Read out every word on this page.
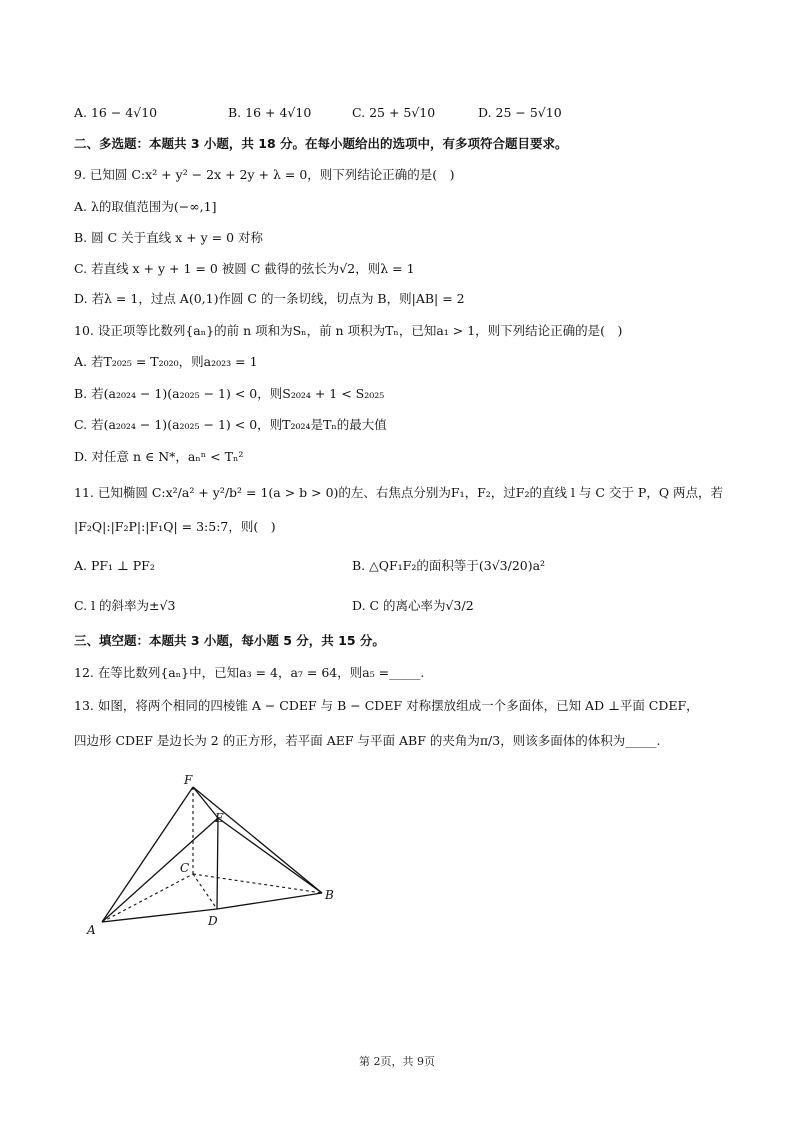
A. 16 − 4√10	B. 16 + 4√10	C. 25 + 5√10	D. 25 − 5√10
二、多选题：本题共 3 小题，共 18 分。在每小题给出的选项中，有多项符合题目要求。
9. 已知圆 C:x² + y² − 2x + 2y + λ = 0，则下列结论正确的是(　)
A. λ的取值范围为(−∞,1]
B. 圆 C 关于直线 x + y = 0 对称
C. 若直线 x + y + 1 = 0 被圆 C 截得的弦长为√2，则λ = 1
D. 若λ = 1，过点 A(0,1)作圆 C 的一条切线，切点为 B，则|AB| = 2
10. 设正项等比数列{aₙ}的前 n 项和为Sₙ，前 n 项积为Tₙ，已知a₁ > 1，则下列结论正确的是(　)
A. 若T₂₀₂₅ = T₂₀₂₀，则a₂₀₂₃ = 1
B. 若(a₂₀₂₄ − 1)(a₂₀₂₅ − 1) < 0，则S₂₀₂₄ + 1 < S₂₀₂₅
C. 若(a₂₀₂₄ − 1)(a₂₀₂₅ − 1) < 0，则T₂₀₂₄是Tₙ的最大值
D. 对任意 n ∈ N*，aₙⁿ < Tₙ²
11. 已知椭圆 C:x²/a² + y²/b² = 1(a > b > 0)的左、右焦点分别为F₁，F₂，过F₂的直线 l 与 C 交于 P，Q 两点，若
|F₂Q|:|F₂P|:|F₁Q| = 3:5:7，则(　)
A. PF₁ ⊥ PF₂	B. △QF₁F₂的面积等于(3√3/20)a²
C. l 的斜率为±√3	D. C 的离心率为√3/2
三、填空题：本题共 3 小题，每小题 5 分，共 15 分。
12. 在等比数列{aₙ}中，已知a₃ = 4，a₇ = 64，则a₅ =_____.
13. 如图，将两个相同的四棱锥 A − CDEF 与 B − CDEF 对称摆放组成一个多面体，已知 AD ⊥平面 CDEF，
四边形 CDEF 是边长为 2 的正方形，若平面 AEF 与平面 ABF 的夹角为π/3，则该多面体的体积为_____.
F
E
C
B
A
D
第 2页，共 9页
